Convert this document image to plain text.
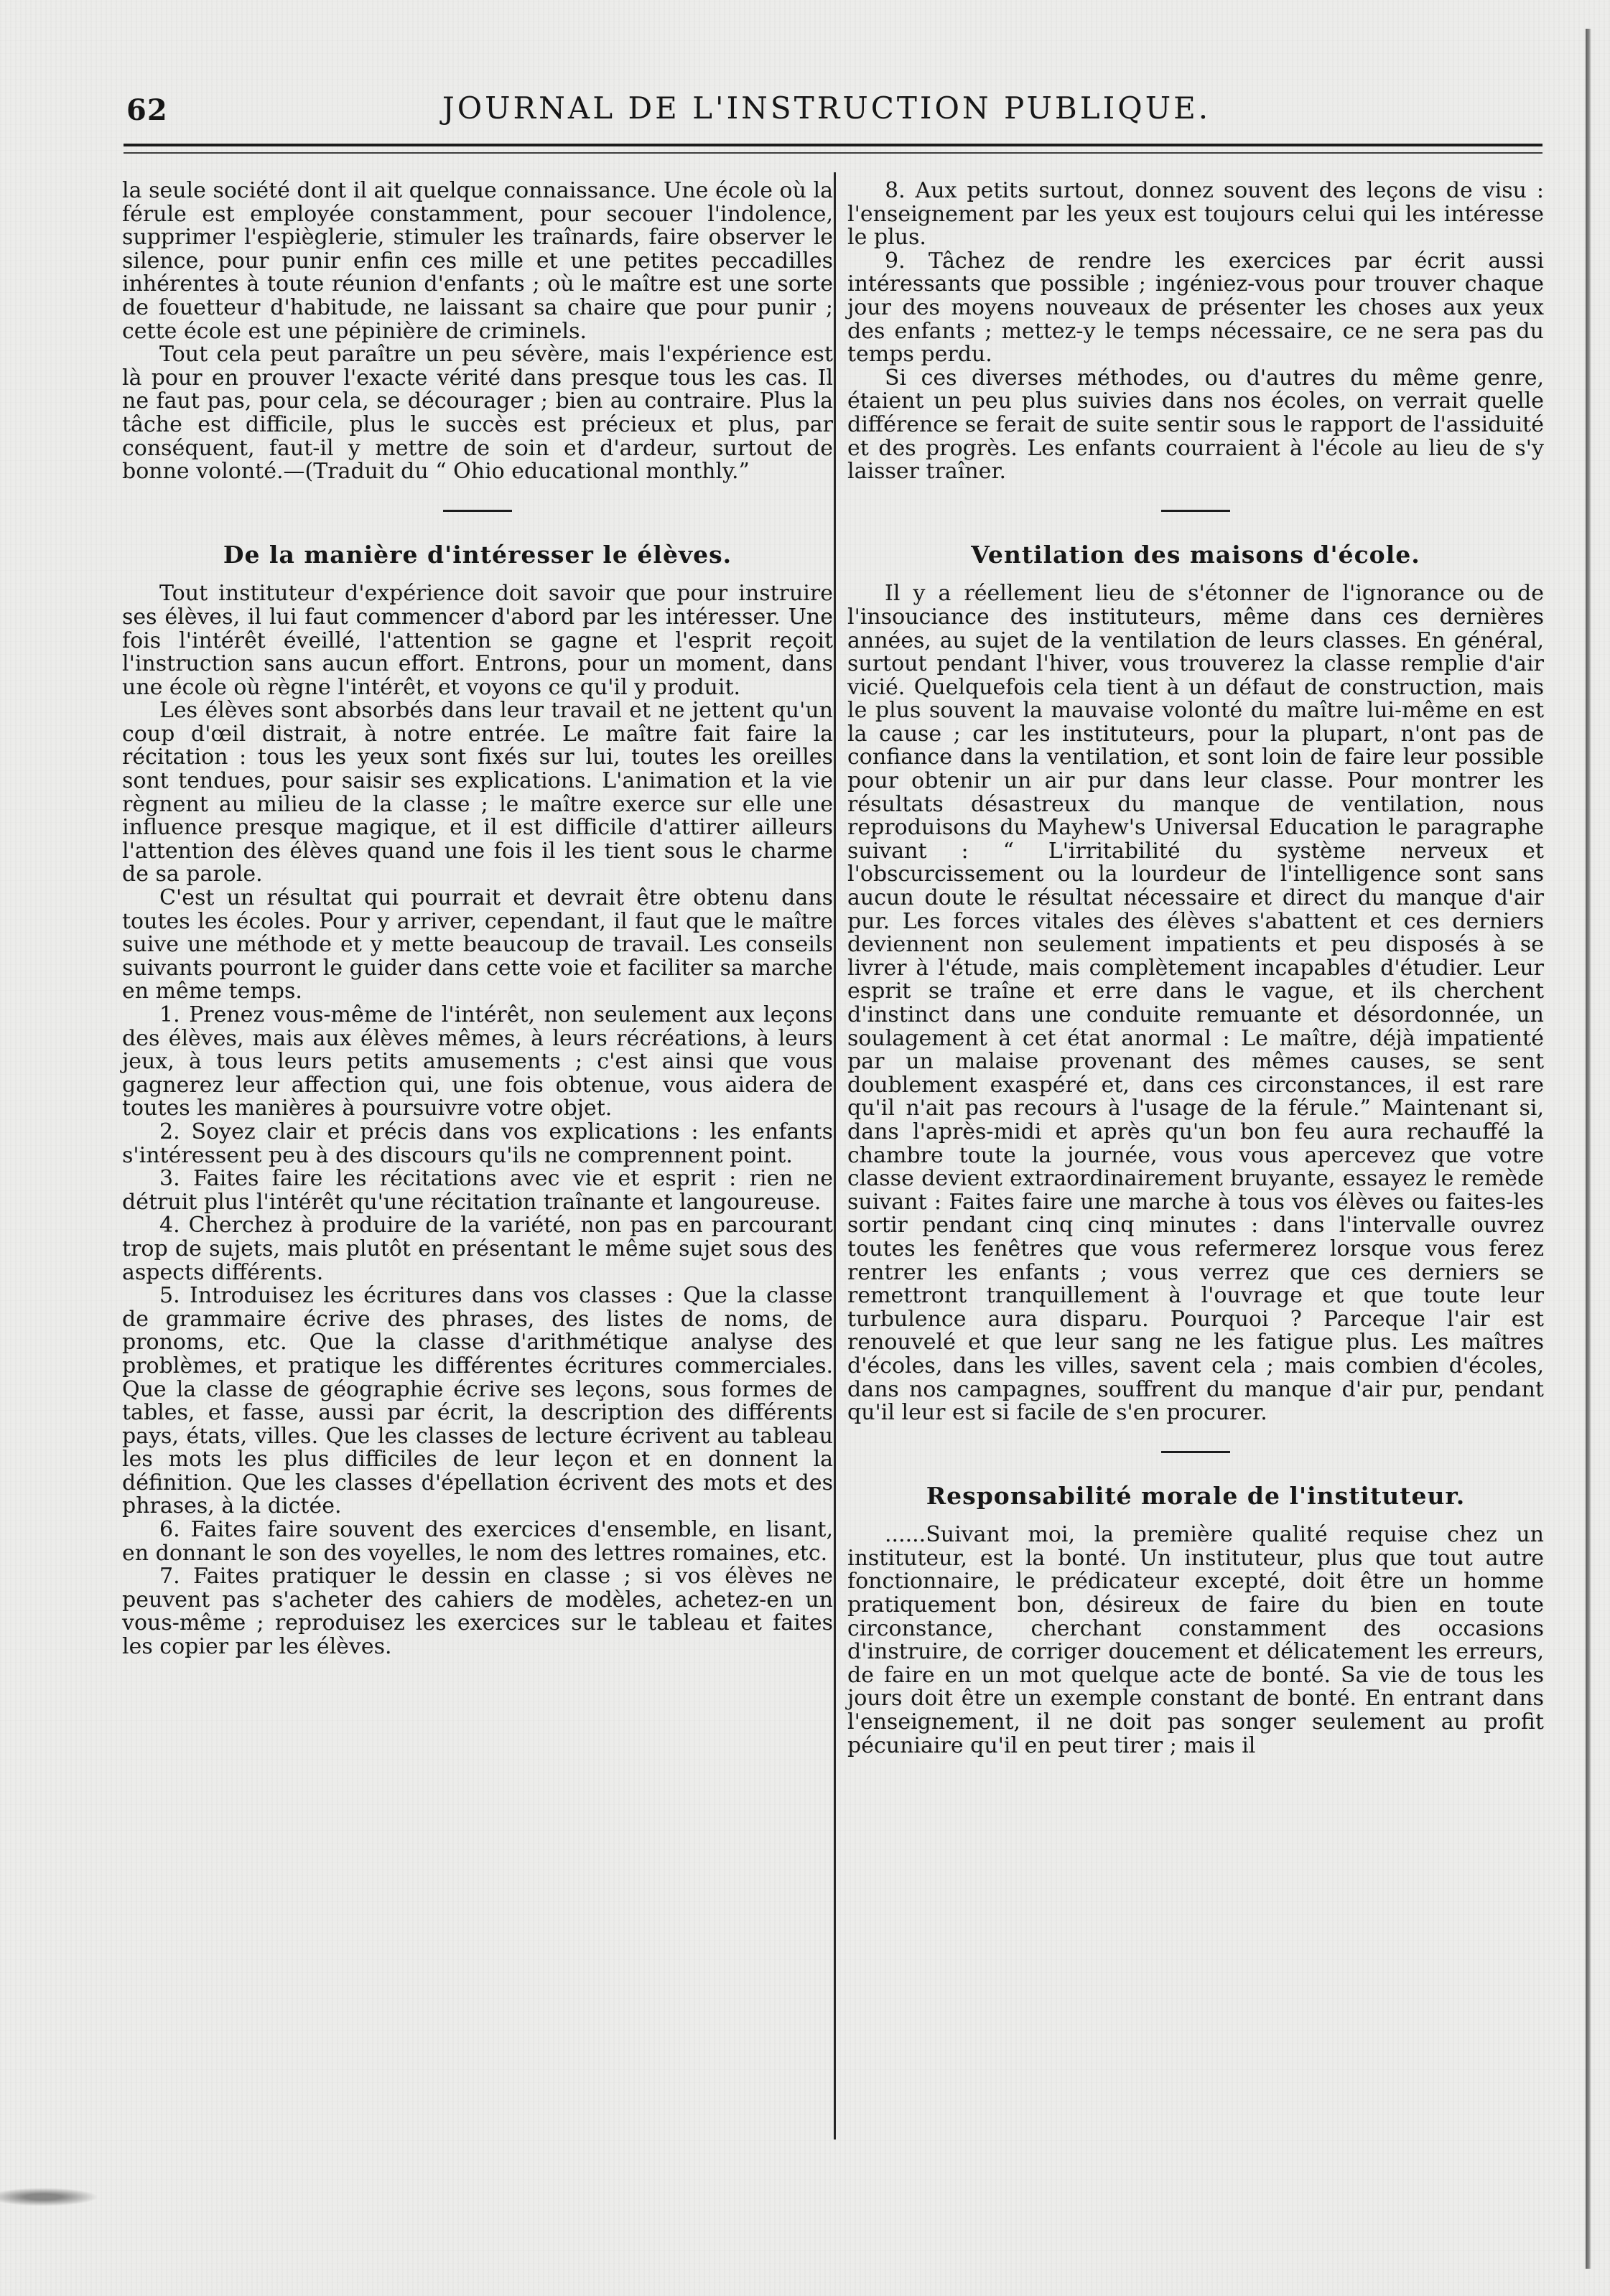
62	JOURNAL DE L'INSTRUCTION PUBLIQUE.

la seule société dont il ait quelque connaissance. Une école où la férule est employée constamment, pour secouer l'indolence, supprimer l'espièglerie, stimuler les traînards, faire observer le silence, pour punir enfin ces mille et une petites peccadilles inhérentes à toute réunion d'enfants ; où le maître est une sorte de fouetteur d'habitude, ne laissant sa chaire que pour punir ; cette école est une pépinière de criminels.

Tout cela peut paraître un peu sévère, mais l'expérience est là pour en prouver l'exacte vérité dans presque tous les cas. Il ne faut pas, pour cela, se décourager ; bien au contraire. Plus la tâche est difficile, plus le succès est précieux et plus, par conséquent, faut-il y mettre de soin et d'ardeur, surtout de bonne volonté.—(Traduit du “ Ohio educational monthly.”

De la manière d'intéresser le élèves.

Tout instituteur d'expérience doit savoir que pour instruire ses élèves, il lui faut commencer d'abord par les intéresser. Une fois l'intérêt éveillé, l'attention se gagne et l'esprit reçoit l'instruction sans aucun effort. Entrons, pour un moment, dans une école où règne l'intérêt, et voyons ce qu'il y produit.

Les élèves sont absorbés dans leur travail et ne jettent qu'un coup d'œil distrait, à notre entrée. Le maître fait faire la récitation : tous les yeux sont fixés sur lui, toutes les oreilles sont tendues, pour saisir ses explications. L'animation et la vie règnent au milieu de la classe ; le maître exerce sur elle une influence presque magique, et il est difficile d'attirer ailleurs l'attention des élèves quand une fois il les tient sous le charme de sa parole.

C'est un résultat qui pourrait et devrait être obtenu dans toutes les écoles. Pour y arriver, cependant, il faut que le maître suive une méthode et y mette beaucoup de travail. Les conseils suivants pourront le guider dans cette voie et faciliter sa marche en même temps.

1. Prenez vous-même de l'intérêt, non seulement aux leçons des élèves, mais aux élèves mêmes, à leurs récréations, à leurs jeux, à tous leurs petits amusements ; c'est ainsi que vous gagnerez leur affection qui, une fois obtenue, vous aidera de toutes les manières à poursuivre votre objet.

2. Soyez clair et précis dans vos explications : les enfants s'intéressent peu à des discours qu'ils ne comprennent point.

3. Faites faire les récitations avec vie et esprit : rien ne détruit plus l'intérêt qu'une récitation traînante et langoureuse.

4. Cherchez à produire de la variété, non pas en parcourant trop de sujets, mais plutôt en présentant le même sujet sous des aspects différents.

5. Introduisez les écritures dans vos classes : Que la classe de grammaire écrive des phrases, des listes de noms, de pronoms, etc. Que la classe d'arithmétique analyse des problèmes, et pratique les différentes écritures commerciales. Que la classe de géographie écrive ses leçons, sous formes de tables, et fasse, aussi par écrit, la description des différents pays, états, villes. Que les classes de lecture écrivent au tableau les mots les plus difficiles de leur leçon et en donnent la définition. Que les classes d'épellation écrivent des mots et des phrases, à la dictée.

6. Faites faire souvent des exercices d'ensemble, en lisant, en donnant le son des voyelles, le nom des lettres romaines, etc.

7. Faites pratiquer le dessin en classe ; si vos élèves ne peuvent pas s'acheter des cahiers de modèles, achetez-en un vous-même ; reproduisez les exercices sur le tableau et faites les copier par les élèves.

8. Aux petits surtout, donnez souvent des leçons de visu : l'enseignement par les yeux est toujours celui qui les intéresse le plus.

9. Tâchez de rendre les exercices par écrit aussi intéressants que possible ; ingéniez-vous pour trouver chaque jour des moyens nouveaux de présenter les choses aux yeux des enfants ; mettez-y le temps nécessaire, ce ne sera pas du temps perdu.

Si ces diverses méthodes, ou d'autres du même genre, étaient un peu plus suivies dans nos écoles, on verrait quelle différence se ferait de suite sentir sous le rapport de l'assiduité et des progrès. Les enfants courraient à l'école au lieu de s'y laisser traîner.

Ventilation des maisons d'école.

Il y a réellement lieu de s'étonner de l'ignorance ou de l'insouciance des instituteurs, même dans ces dernières années, au sujet de la ventilation de leurs classes. En général, surtout pendant l'hiver, vous trouverez la classe remplie d'air vicié. Quelquefois cela tient à un défaut de construction, mais le plus souvent la mauvaise volonté du maître lui-même en est la cause ; car les instituteurs, pour la plupart, n'ont pas de confiance dans la ventilation, et sont loin de faire leur possible pour obtenir un air pur dans leur classe. Pour montrer les résultats désastreux du manque de ventilation, nous reproduisons du Mayhew's Universal Education le paragraphe suivant : “ L'irritabilité du système nerveux et l'obscurcissement ou la lourdeur de l'intelligence sont sans aucun doute le résultat nécessaire et direct du manque d'air pur. Les forces vitales des élèves s'abattent et ces derniers deviennent non seulement impatients et peu disposés à se livrer à l'étude, mais complètement incapables d'étudier. Leur esprit se traîne et erre dans le vague, et ils cherchent d'instinct dans une conduite remuante et désordonnée, un soulagement à cet état anormal : Le maître, déjà impatienté par un malaise provenant des mêmes causes, se sent doublement exaspéré et, dans ces circonstances, il est rare qu'il n'ait pas recours à l'usage de la férule.” Maintenant si, dans l'après-midi et après qu'un bon feu aura rechauffé la chambre toute la journée, vous vous apercevez que votre classe devient extraordinairement bruyante, essayez le remède suivant : Faites faire une marche à tous vos élèves ou faites-les sortir pendant cinq cinq minutes : dans l'intervalle ouvrez toutes les fenêtres que vous refermerez lorsque vous ferez rentrer les enfants ; vous verrez que ces derniers se remettront tranquillement à l'ouvrage et que toute leur turbulence aura disparu. Pourquoi ? Parceque l'air est renouvelé et que leur sang ne les fatigue plus. Les maîtres d'écoles, dans les villes, savent cela ; mais combien d'écoles, dans nos campagnes, souffrent du manque d'air pur, pendant qu'il leur est si facile de s'en procurer.

Responsabilité morale de l'instituteur.

......Suivant moi, la première qualité requise chez un instituteur, est la bonté. Un instituteur, plus que tout autre fonctionnaire, le prédicateur excepté, doit être un homme pratiquement bon, désireux de faire du bien en toute circonstance, cherchant constamment des occasions d'instruire, de corriger doucement et délicatement les erreurs, de faire en un mot quelque acte de bonté. Sa vie de tous les jours doit être un exemple constant de bonté. En entrant dans l'enseignement, il ne doit pas songer seulement au profit pécuniaire qu'il en peut tirer ; mais il
